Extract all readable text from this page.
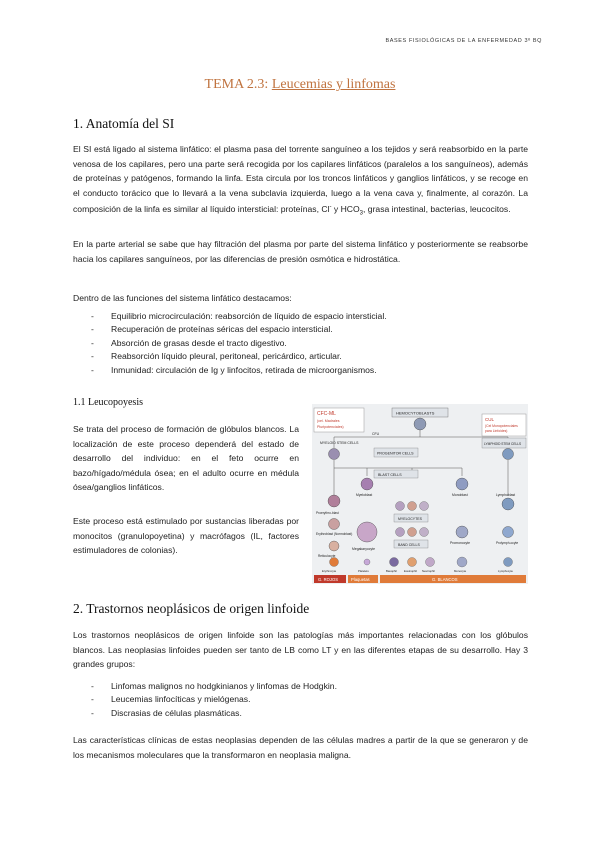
BASES FISIOLÓGICAS DE LA ENFERMEDAD 3º BQ
TEMA 2.3: Leucemias y linfomas
1. Anatomía del SI

El SI está ligado al sistema linfático: el plasma pasa del torrente sanguíneo a los tejidos y será reabsorbido en la parte venosa de los capilares, pero una parte será recogida por los capilares linfáticos (paralelos a los sanguíneos), además de proteínas y patógenos, formando la linfa. Esta circula por los troncos linfáticos y ganglios linfáticos, y se recoge en el conducto torácico que lo llevará a la vena subclavia izquierda, luego a la vena cava y, finalmente, al corazón. La composición de la linfa es similar al líquido intersticial: proteínas, Cl- y $HCO_3$, grasa intestinal, bacterias, leucocitos.

En la parte arterial se sabe que hay filtración del plasma por parte del sistema linfático y posteriormente se reabsorbe hacia los capilares sanguíneos, por las diferencias de presión osmótica e hidrostática.

Dentro de las funciones del sistema linfático destacamos:

- Equilibrio microcirculación: reabsorción de líquido de espacio intersticial.
- Recuperación de proteínas séricas del espacio intersticial.
- Absorción de grasas desde el tracto digestivo.
- Reabsorción líquido pleural, peritoneal, pericárdico, articular.
- Inmunidad: circulación de Ig y linfocitos, retirada de microorganismos.
1.1 Leucopoyesis

Se trata del proceso de formación de glóbulos blancos. La localización de este proceso dependerá del estado de desarrollo del individuo: en el feto ocurre en bazo/hígado/médula ósea; en el adulto ocurre en médula ósea/ganglios linfáticos.

Este proceso está estimulado por sustancias liberadas por monocitos (granulopoyetina) y macrófagos (IL, factores estimuladores de colonias).

CFC-ML
(cel. Madrales
Pluripotenciales)
CUL
(Cel Monopotenciales
para Linfoides)
HEMOCYTOBLASTS
MYELOID STEM CELLS
CFU
LYMPHOID STEM CELLS
PROGENITOR CELLS
BLAST CELLS
Myeloblast	Monoblast	Lymphoblast
Proerythro-blast
Erythroblast (Normoblast)
Reticulocyte
Megakaryocyte
MYELOCYTES
BAND CELLS	Promonocyte	Prolymph-ocyte
Erythrocyte	Platelets	Basophil	Eosinophil Neutrophil	Monocyte	Lymphocyte
G. ROJOS	Plaquetas	G. BLANCOS
2. Trastornos neoplásicos de origen linfoide

Los trastornos neoplásicos de origen linfoide son las patologías más importantes relacionadas con los glóbulos blancos. Las neoplasias linfoides pueden ser tanto de LB como LT y en las diferentes etapas de su desarrollo. Hay 3 grandes grupos:

- Linfomas malignos no hodgkinianos y linfomas de Hodgkin.
- Leucemias linfocíticas y mielógenas.
- Discrasias de células plasmáticas.

Las características clínicas de estas neoplasias dependen de las células madres a partir de la que se generaron y de los mecanismos moleculares que la transformaron en neoplasia maligna.
